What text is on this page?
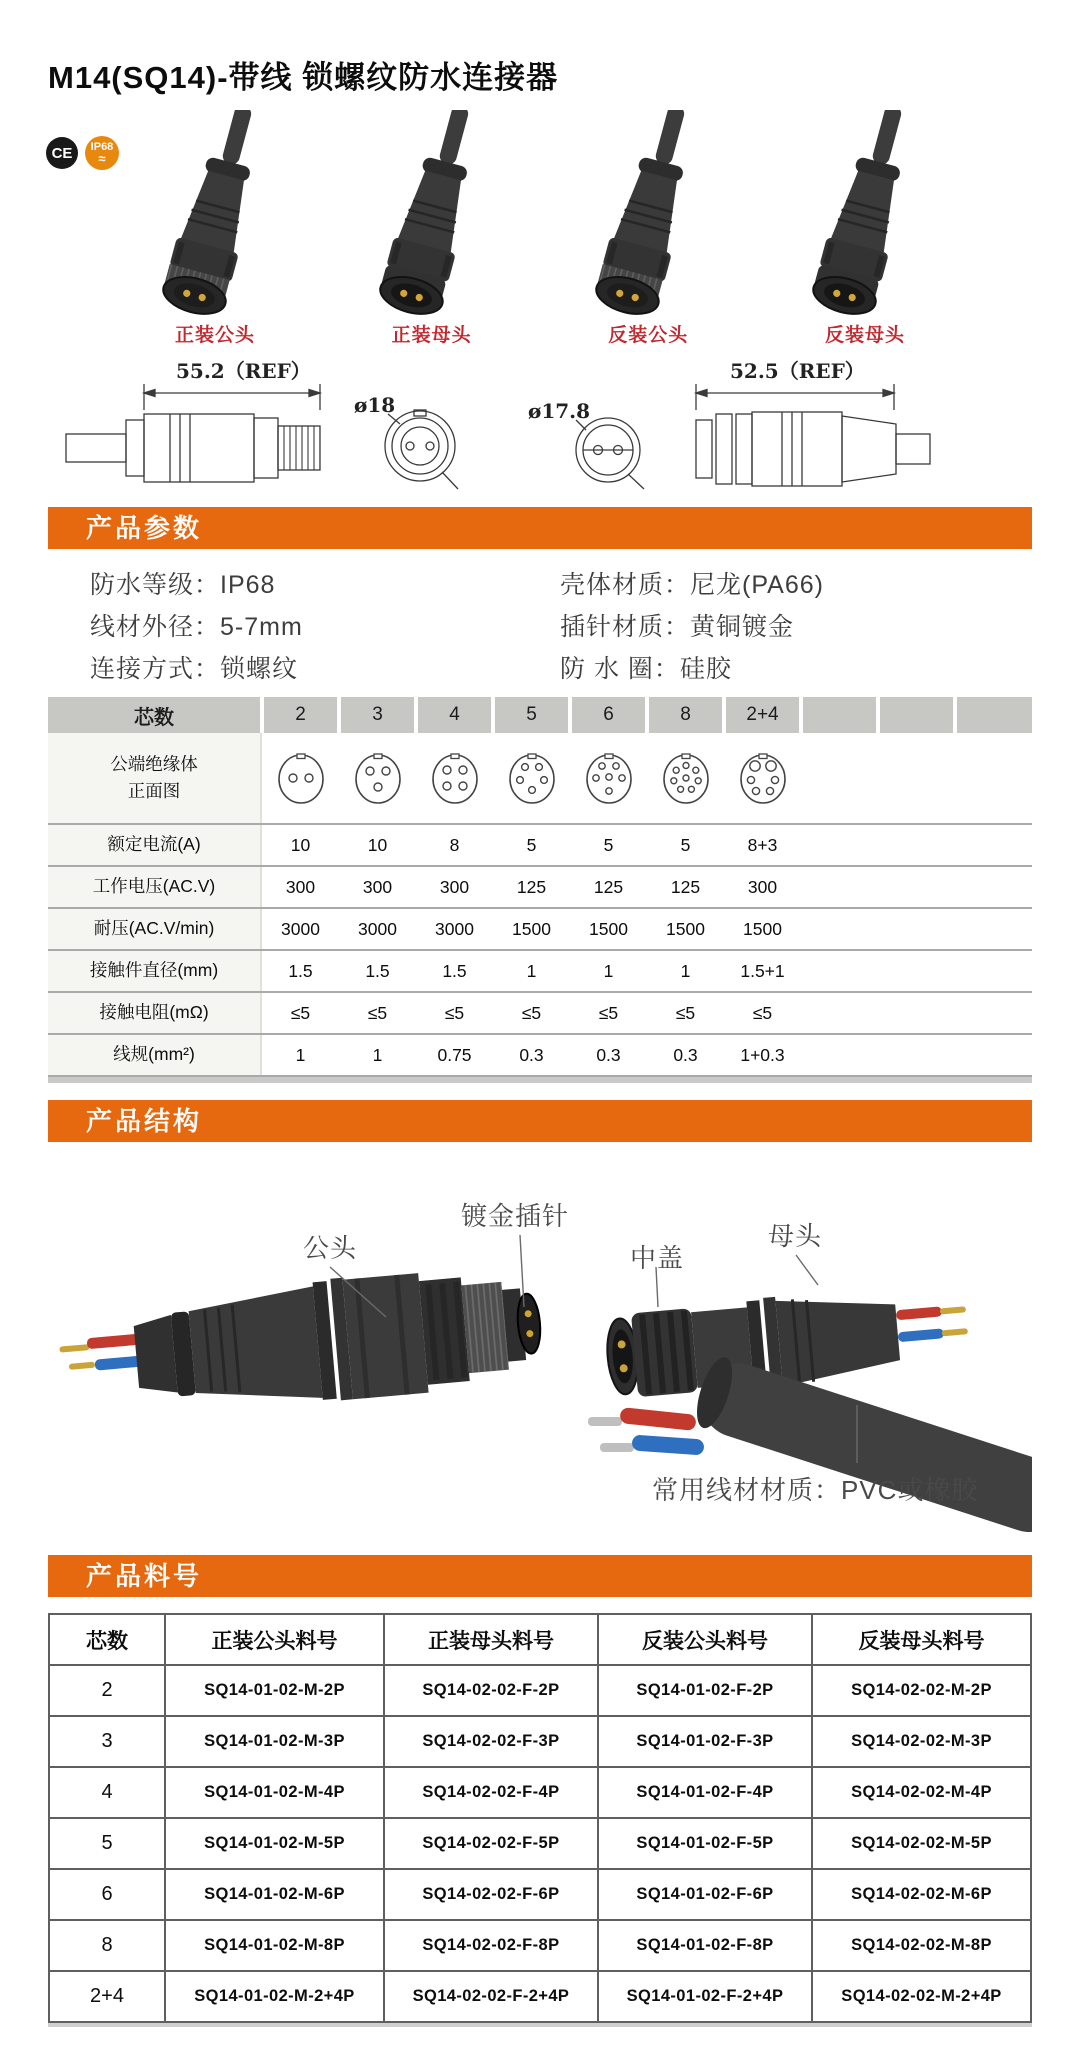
M14(SQ14)-带线 锁螺纹防水连接器
CE IP68
≈
正装公头	正装母头	反装公头	反装母头
55.2（REF）
ø18	ø17.8
52.5（REF）
产品参数
防水等级：IP68
线材外径：5-7mm
连接方式：锁螺纹
壳体材质：尼龙(PA66)
插针材质：黄铜镀金
防 水 圈：硅胶
芯数	2	3	4	5	6	8	2+4
公端绝缘体
正面图
额定电流(A)	10	10	8	5	5	5	8+3
工作电压(AC.V)	300	300	300	125	125	125	300
耐压(AC.V/min)	3000	3000	3000	1500	1500	1500	1500
接触件直径(mm)	1.5	1.5	1.5	1	1	1	1.5+1
接触电阻(mΩ)	≤5	≤5	≤5	≤5	≤5	≤5	≤5
线规(mm²)	1	1	0.75	0.3	0.3	0.3	1+0.3
产品结构
公头
镀金插针
中盖
母头
常用线材材质：PVC或橡胶
产品料号
芯数	正装公头料号	正装母头料号	反装公头料号	反装母头料号
2	SQ14-01-02-M-2P	SQ14-02-02-F-2P	SQ14-01-02-F-2P	SQ14-02-02-M-2P
3	SQ14-01-02-M-3P	SQ14-02-02-F-3P	SQ14-01-02-F-3P	SQ14-02-02-M-3P
4	SQ14-01-02-M-4P	SQ14-02-02-F-4P	SQ14-01-02-F-4P	SQ14-02-02-M-4P
5	SQ14-01-02-M-5P	SQ14-02-02-F-5P	SQ14-01-02-F-5P	SQ14-02-02-M-5P
6	SQ14-01-02-M-6P	SQ14-02-02-F-6P	SQ14-01-02-F-6P	SQ14-02-02-M-6P
8	SQ14-01-02-M-8P	SQ14-02-02-F-8P	SQ14-01-02-F-8P	SQ14-02-02-M-8P
2+4	SQ14-01-02-M-2+4P	SQ14-02-02-F-2+4P	SQ14-01-02-F-2+4P	SQ14-02-02-M-2+4P
